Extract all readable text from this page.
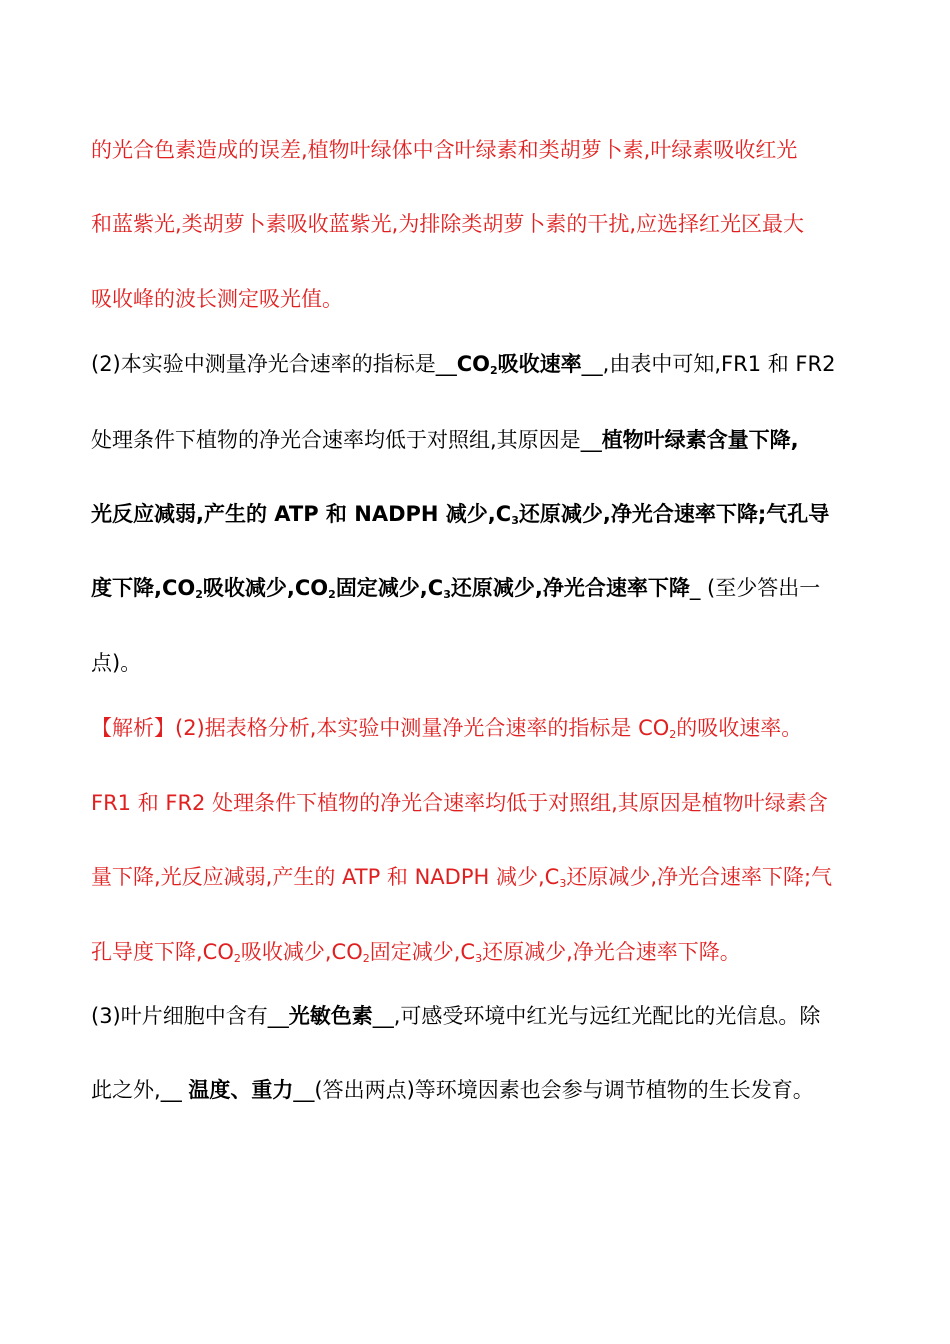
的光合色素造成的误差,植物叶绿体中含叶绿素和类胡萝卜素,叶绿素吸收红光
和蓝紫光,类胡萝卜素吸收蓝紫光,为排除类胡萝卜素的干扰,应选择红光区最大
吸收峰的波长测定吸光值。
(2)本实验中测量净光合速率的指标是$\_\_CO_2$吸收速率__,由表中可知,FR1 和 FR2
处理条件下植物的净光合速率均低于对照组,其原因是__植物叶绿素含量下降,
光反应减弱,产生的 ATP 和 NADPH 减少$,C_3$还原减少,净光合速率下降;气孔导
度下降$,CO_2$吸收减少$,CO_2$固定减少$,C_3$还原减少,净光合速率下降_ (至少答出一
点)。
【解析】(2)据表格分析,本实验中测量净光合速率的指标是 $CO_2$的吸收速率。
FR1 和 FR2 处理条件下植物的净光合速率均低于对照组,其原因是植物叶绿素含
量下降,光反应减弱,产生的 ATP 和 NADPH 减少$,C_3$还原减少,净光合速率下降;气
孔导度下降$,CO_2$吸收减少$,CO_2$固定减少$,C_3$还原减少,净光合速率下降。
(3)叶片细胞中含有__光敏色素__,可感受环境中红光与远红光配比的光信息。除
此之外,__ 温度、重力__(答出两点)等环境因素也会参与调节植物的生长发育。
